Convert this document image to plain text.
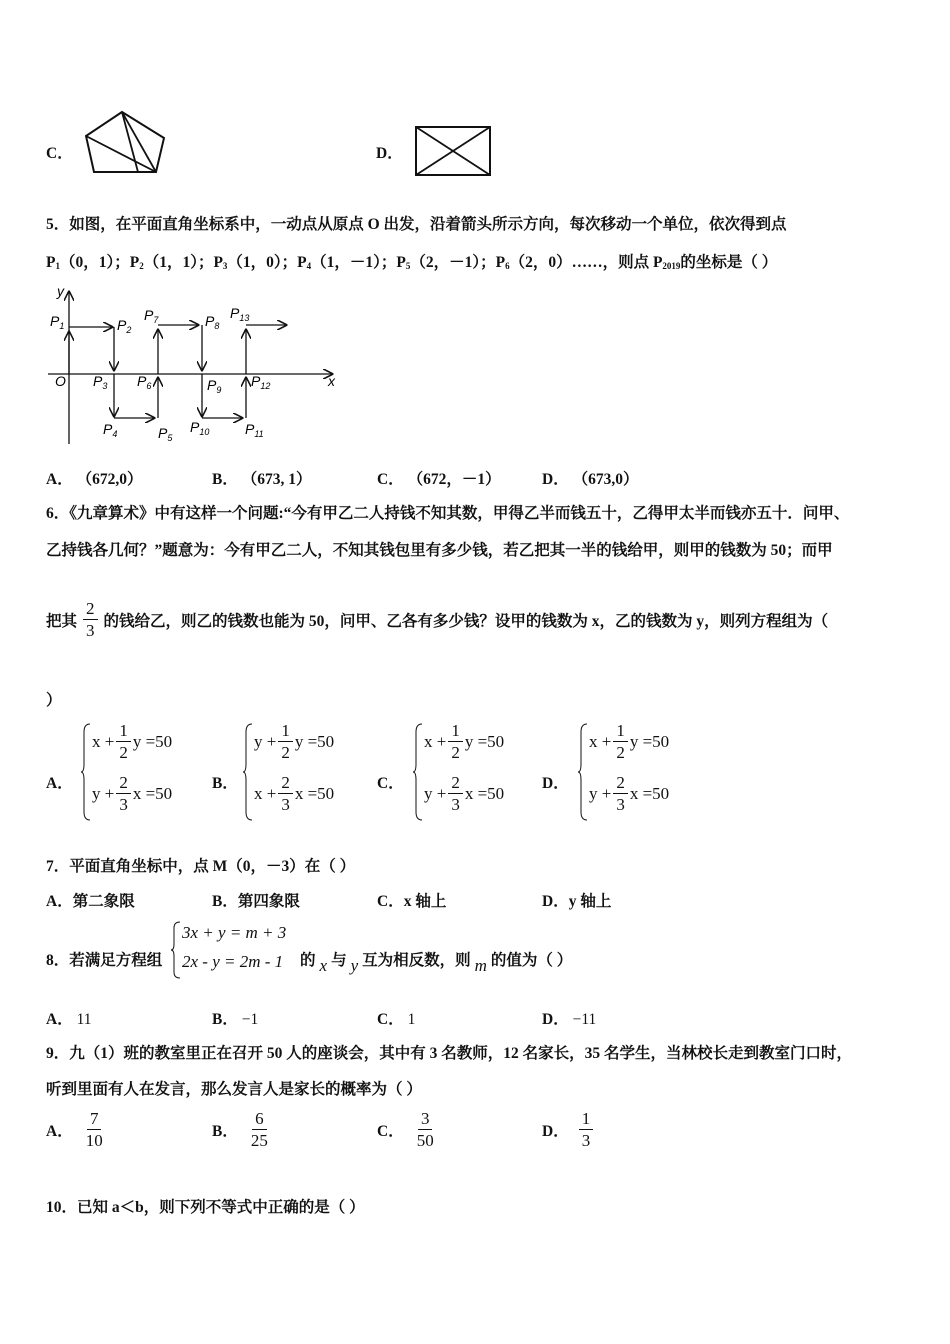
C．	D．
5．如图，在平面直角坐标系中，一动点从原点 O 出发，沿着箭头所示方向，每次移动一个单位，依次得到点
$P_1(0$，1）；$P_2(1$，1）；$P_3(1$，0）；$P_4(1$，－1）；$P_5(2$，－1）；$P_6(2$，0）……，则点 $P_{2019}$的坐标是（ ）
x
y
O
$P_1$	$P_2$
$P_3$
$P_4$	$P_5$
$P_6$
$P_7$	$P_8$
$P_9$
$P_{10}$	$P_{11}$
$P_{12}$
$P_{13}$
A． （672,0）	B． （673, 1）	C． （672，－1）	D． （673,0）
6．《九章算术》中有这样一个问题:“今有甲乙二人持钱不知其数，甲得乙半而钱五十，乙得甲太半而钱亦五十．问甲、
乙持钱各几何？”题意为：今有甲乙二人，不知其钱包里有多少钱，若乙把其一半的钱给甲，则甲的钱数为 50；而甲
把其 $\frac{2}{3}$ 的钱给乙，则乙的钱数也能为 50，问甲、乙各有多少钱？设甲的钱数为 x，乙的钱数为 y，则列方程组为（
）
A．
$x + \frac{1}{2}$ y =50
$y + \frac{2}{3}$ x =50	B．
$y + \frac{1}{2}$ y =50
$x + \frac{2}{3}$ x =50	C．
$x + \frac{1}{2}$ y =50
$y + \frac{2}{3}$ x =50 D．
$x + \frac{1}{2}$ y =50
$y + \frac{2}{3}$ x =50
7．平面直角坐标中，点 M（0，－3）在（ ）
A．第二象限	B．第四象限	C．x 轴上	D．y 轴上
8．若满足方程组
3x + y = m + 3
2x - y = 2m - 1 的 x 与 y 互为相反数，则 m 的值为（ ）
A． 11	B． −1	C． 1	D． −11
9．九（1）班的教室里正在召开 50 人的座谈会，其中有 3 名教师，12 名家长，35 名学生，当林校长走到教室门口时，
听到里面有人在发言，那么发言人是家长的概率为（ ）
A． $\frac{7}{10}$	B． $\frac{6}{25}$	C． $\frac{3}{50}$	D． $\frac{1}{3}$
10．已知 a＜b，则下列不等式中正确的是（ ）
